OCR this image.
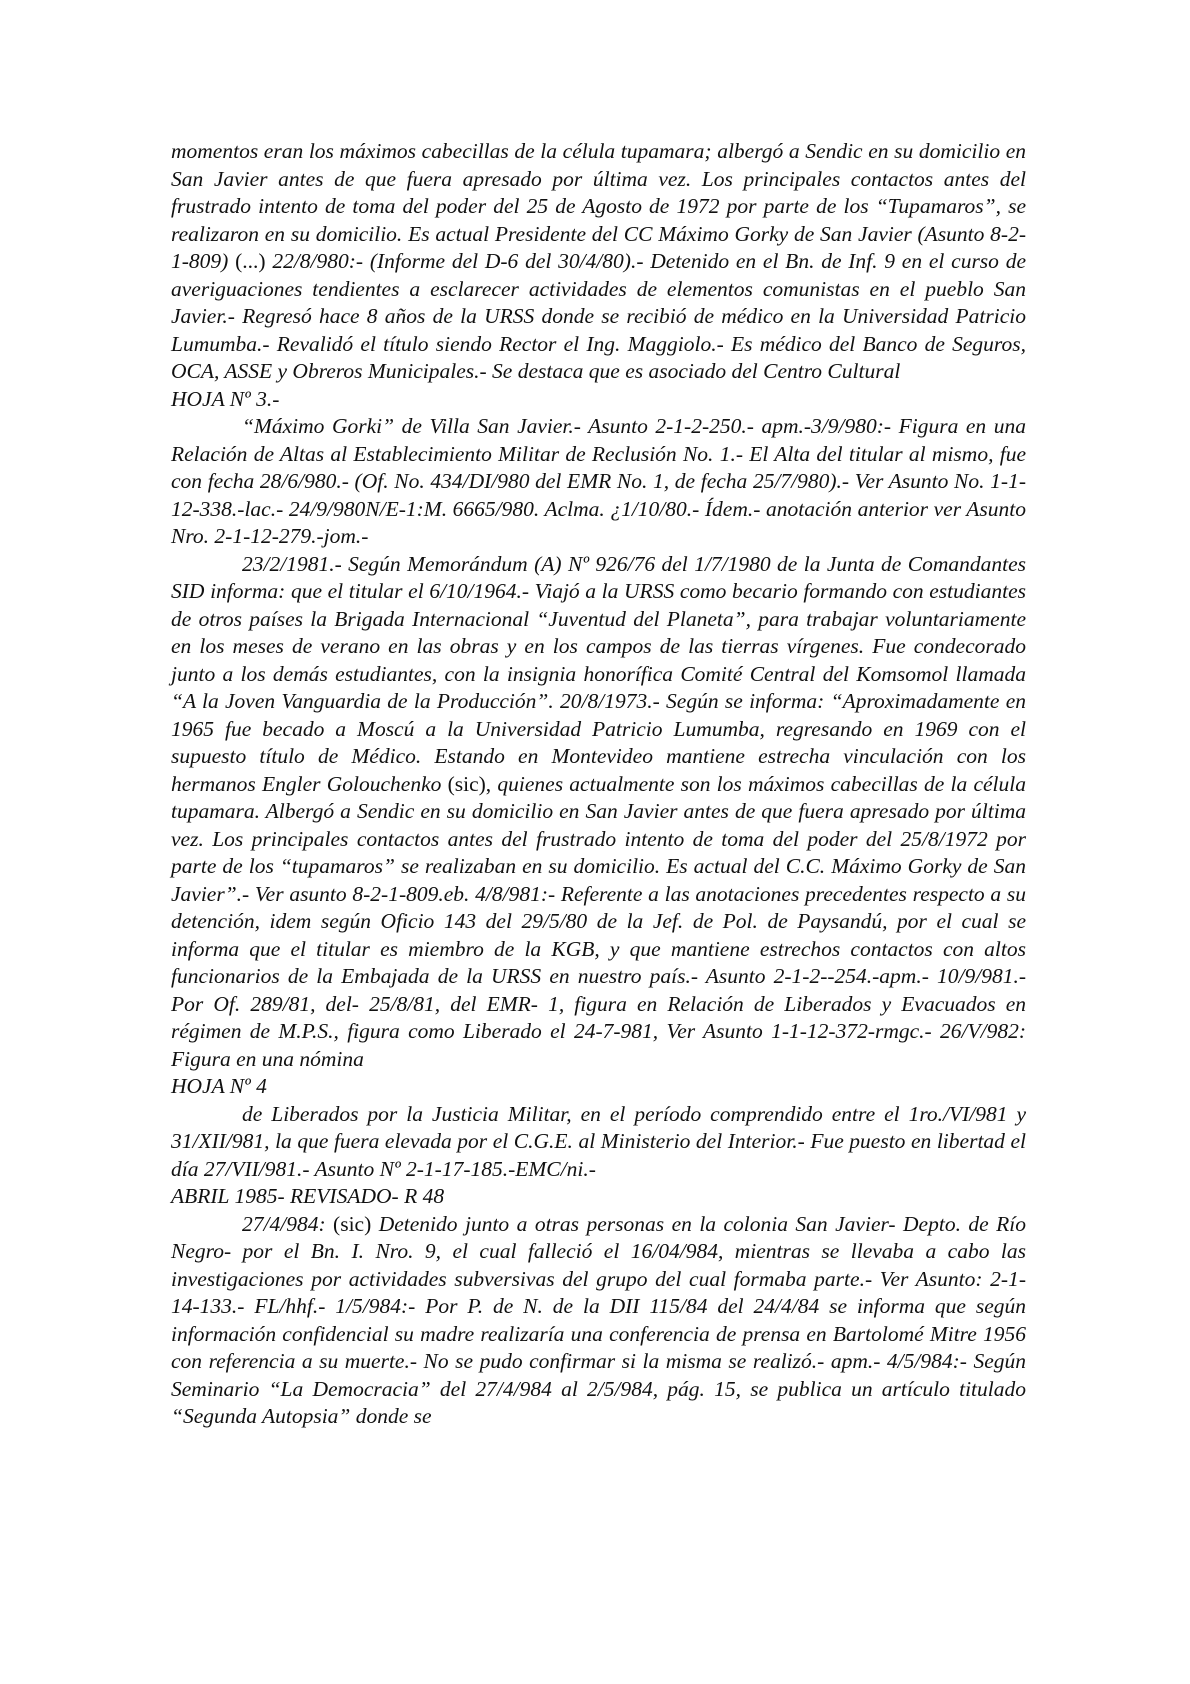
momentos eran los máximos cabecillas de la célula tupamara; albergó a Sendic en su domicilio en San Javier antes de que fuera apresado por última vez. Los principales contactos antes del frustrado intento de toma del poder del 25 de Agosto de 1972 por parte de los “Tupamaros”, se realizaron en su domicilio. Es actual Presidente del CC Máximo Gorky de San Javier (Asunto 8-2-1-809) (...) 22/8/980:- (Informe del D-6 del 30/4/80).- Detenido en el Bn. de Inf. 9 en el curso de averiguaciones tendientes a esclarecer actividades de elementos comunistas en el pueblo San Javier.- Regresó hace 8 años de la URSS donde se recibió de médico en la Universidad Patricio Lumumba.- Revalidó el título siendo Rector el Ing. Maggiolo.- Es médico del Banco de Seguros, OCA, ASSE y Obreros Municipales.- Se destaca que es asociado del Centro Cultural

HOJA Nº 3.-

“Máximo Gorki” de Villa San Javier.- Asunto 2-1-2-250.- apm.-3/9/980:- Figura en una Relación de Altas al Establecimiento Militar de Reclusión No. 1.- El Alta del titular al mismo, fue con fecha 28/6/980.- (Of. No. 434/DI/980 del EMR No. 1, de fecha 25/7/980).- Ver Asunto No. 1-1-12-338.-lac.- 24/9/980N/E-1:M. 6665/980. Aclma. ¿1/10/80.- Ídem.- anotación anterior ver Asunto Nro. 2-1-12-279.-jom.-

23/2/1981.- Según Memorándum (A) Nº 926/76 del 1/7/1980 de la Junta de Comandantes SID informa: que el titular el 6/10/1964.- Viajó a la URSS como becario formando con estudiantes de otros países la Brigada Internacional “Juventud del Planeta”, para trabajar voluntariamente en los meses de verano en las obras y en los campos de las tierras vírgenes. Fue condecorado junto a los demás estudiantes, con la insignia honorífica Comité Central del Komsomol llamada “A la Joven Vanguardia de la Producción”. 20/8/1973.- Según se informa: “Aproximadamente en 1965 fue becado a Moscú a la Universidad Patricio Lumumba, regresando en 1969 con el supuesto título de Médico. Estando en Montevideo mantiene estrecha vinculación con los hermanos Engler Golouchenko (sic), quienes actualmente son los máximos cabecillas de la célula tupamara. Albergó a Sendic en su domicilio en San Javier antes de que fuera apresado por última vez. Los principales contactos antes del frustrado intento de toma del poder del 25/8/1972 por parte de los “tupamaros” se realizaban en su domicilio. Es actual del C.C. Máximo Gorky de San Javier”.- Ver asunto 8-2-1-809.eb. 4/8/981:- Referente a las anotaciones precedentes respecto a su detención, idem según Oficio 143 del 29/5/80 de la Jef. de Pol. de Paysandú, por el cual se informa que el titular es miembro de la KGB, y que mantiene estrechos contactos con altos funcionarios de la Embajada de la URSS en nuestro país.- Asunto 2-1-2--254.-apm.- 10/9/981.- Por Of. 289/81, del- 25/8/81, del EMR- 1, figura en Relación de Liberados y Evacuados en régimen de M.P.S., figura como Liberado el 24-7-981, Ver Asunto 1-1-12-372-rmgc.- 26/V/982: Figura en una nómina

HOJA Nº 4

de Liberados por la Justicia Militar, en el período comprendido entre el 1ro./VI/981 y 31/XII/981, la que fuera elevada por el C.G.E. al Ministerio del Interior.- Fue puesto en libertad el día 27/VII/981.- Asunto Nº 2-1-17-185.-EMC/ni.-

ABRIL 1985- REVISADO- R 48

27/4/984: (sic) Detenido junto a otras personas en la colonia San Javier- Depto. de Río Negro- por el Bn. I. Nro. 9, el cual falleció el 16/04/984, mientras se llevaba a cabo las investigaciones por actividades subversivas del grupo del cual formaba parte.- Ver Asunto: 2-1-14-133.- FL/hhf.- 1/5/984:- Por P. de N. de la DII 115/84 del 24/4/84 se informa que según información confidencial su madre realizaría una conferencia de prensa en Bartolomé Mitre 1956 con referencia a su muerte.- No se pudo confirmar si la misma se realizó.- apm.- 4/5/984:- Según Seminario “La Democracia” del 27/4/984 al 2/5/984, pág. 15, se publica un artículo titulado “Segunda Autopsia” donde se
